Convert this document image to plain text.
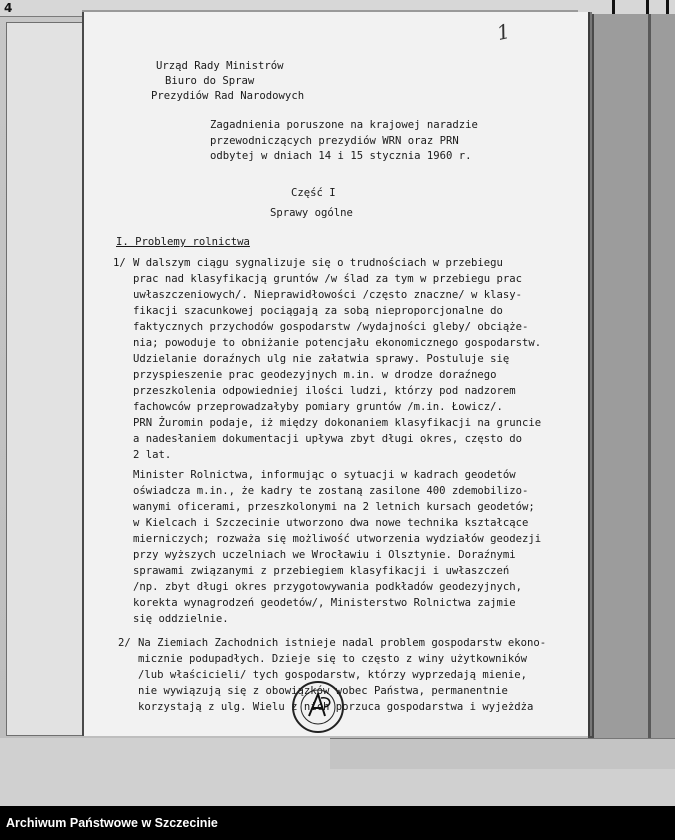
4
1
Urząd Rady Ministrów
Biuro do Spraw
Prezydiów Rad Narodowych
Zagadnienia poruszone na krajowej naradzie
przewodniczących prezydiów WRN oraz PRN
odbytej w dniach 14 i 15 stycznia 1960 r.
Część I
Sprawy ogólne
I. Problemy rolnictwa
1/ W dalszym ciągu sygnalizuje się o trudnościach w przebiegu
prac nad klasyfikacją gruntów /w ślad za tym w przebiegu prac
uwłaszczeniowych/. Nieprawidłowości /często znaczne/ w klasy-
fikacji szacunkowej pociągają za sobą nieproporcjonalne do
faktycznych przychodów gospodarstw /wydajności gleby/ obciąże-
nia; powoduje to obniżanie potencjału ekonomicznego gospodarstw.
Udzielanie doraźnych ulg nie załatwia sprawy. Postuluje się
przyspieszenie prac geodezyjnych m.in. w drodze doraźnego
przeszkolenia odpowiedniej ilości ludzi, którzy pod nadzorem
fachowców przeprowadzałyby pomiary gruntów /m.in. Łowicz/.
PRN Żuromin podaje, iż między dokonaniem klasyfikacji na gruncie
a nadesłaniem dokumentacji upływa zbyt długi okres, często do
2 lat.
Minister Rolnictwa, informując o sytuacji w kadrach geodetów
oświadcza m.in., że kadry te zostaną zasilone 400 zdemobilizo-
wanymi oficerami, przeszkolonymi na 2 letnich kursach geodetów;
w Kielcach i Szczecinie utworzono dwa nowe technika kształcące
mierniczych; rozważa się możliwość utworzenia wydziałów geodezji
przy wyższych uczelniach we Wrocławiu i Olsztynie. Doraźnymi
sprawami związanymi z przebiegiem klasyfikacji i uwłaszczeń
/np. zbyt długi okres przygotowywania podkładów geodezyjnych,
korekta wynagrodzeń geodetów/, Ministerstwo Rolnictwa zajmie
się oddzielnie.
2/ Na Ziemiach Zachodnich istnieje nadal problem gospodarstw ekono-
micznie podupadłych. Dzieje się to często z winy użytkowników
/lub właścicieli/ tych gospodarstw, którzy wyprzedają mienie,
nie wywiązują się z obowiązków wobec Państwa, permanentnie
korzystają z ulg. Wielu z nich porzuca gospodarstwa i wyjeżdża
Archiwum Państwowe w Szczecinie
